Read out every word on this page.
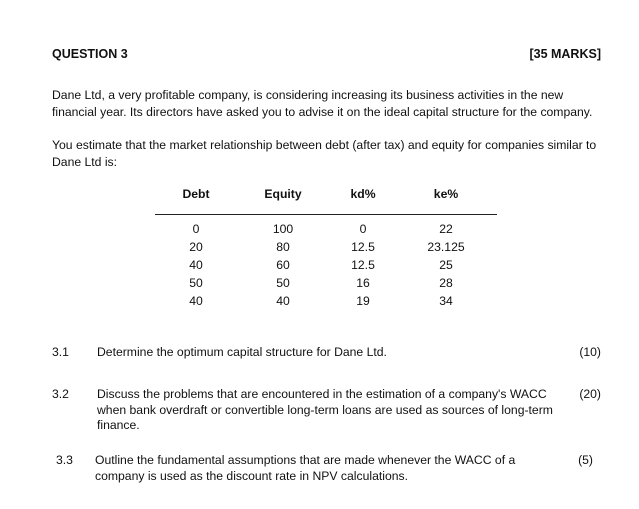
QUESTION 3	[35 MARKS]
Dane Ltd, a very profitable company, is considering increasing its business activities in the new
financial year. Its directors have asked you to advise it on the ideal capital structure for the company.
You estimate that the market relationship between debt (after tax) and equity for companies similar to
Dane Ltd is:
Debt	Equity	kd%	ke%
0	100	0	22
20	80	12.5	23.125
40	60	12.5	25
50	50	16	28
40	40	19	34
3.1 Determine the optimum capital structure for Dane Ltd.	(10)
3.2 Discuss the problems that are encountered in the estimation of a company's WACC
when bank overdraft or convertible long-term loans are used as sources of long-term
finance.
(20)
3.3 Outline the fundamental assumptions that are made whenever the WACC of a
company is used as the discount rate in NPV calculations.
(5)
